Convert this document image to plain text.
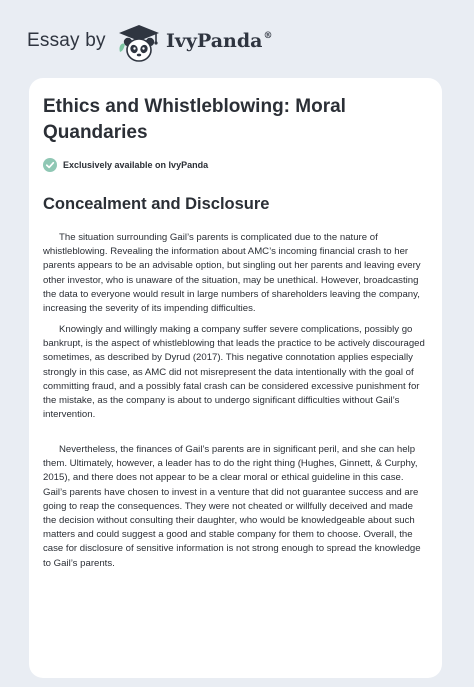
Essay by	IvyPanda®
Ethics and Whistleblowing: Moral Quandaries
Exclusively available on IvyPanda
Concealment and Disclosure

The situation surrounding Gail’s parents is complicated due to the nature of whistleblowing. Revealing the information about AMC’s incoming financial crash to her parents appears to be an advisable option, but singling out her parents and leaving every other investor, who is unaware of the situation, may be unethical. However, broadcasting the data to everyone would result in large numbers of shareholders leaving the company, increasing the severity of its impending difficulties.

Knowingly and willingly making a company suffer severe complications, possibly go bankrupt, is the aspect of whistleblowing that leads the practice to be actively discouraged sometimes, as described by Dyrud (2017). This negative connotation applies especially strongly in this case, as AMC did not misrepresent the data intentionally with the goal of committing fraud, and a possibly fatal crash can be considered excessive punishment for the mistake, as the company is about to undergo significant difficulties without Gail’s intervention.

Nevertheless, the finances of Gail’s parents are in significant peril, and she can help them. Ultimately, however, a leader has to do the right thing (Hughes, Ginnett, & Curphy, 2015), and there does not appear to be a clear moral or ethical guideline in this case. Gail’s parents have chosen to invest in a venture that did not guarantee success and are going to reap the consequences. They were not cheated or willfully deceived and made the decision without consulting their daughter, who would be knowledgeable about such matters and could suggest a good and stable company for them to choose. Overall, the case for disclosure of sensitive information is not strong enough to spread the knowledge to Gail’s parents.
